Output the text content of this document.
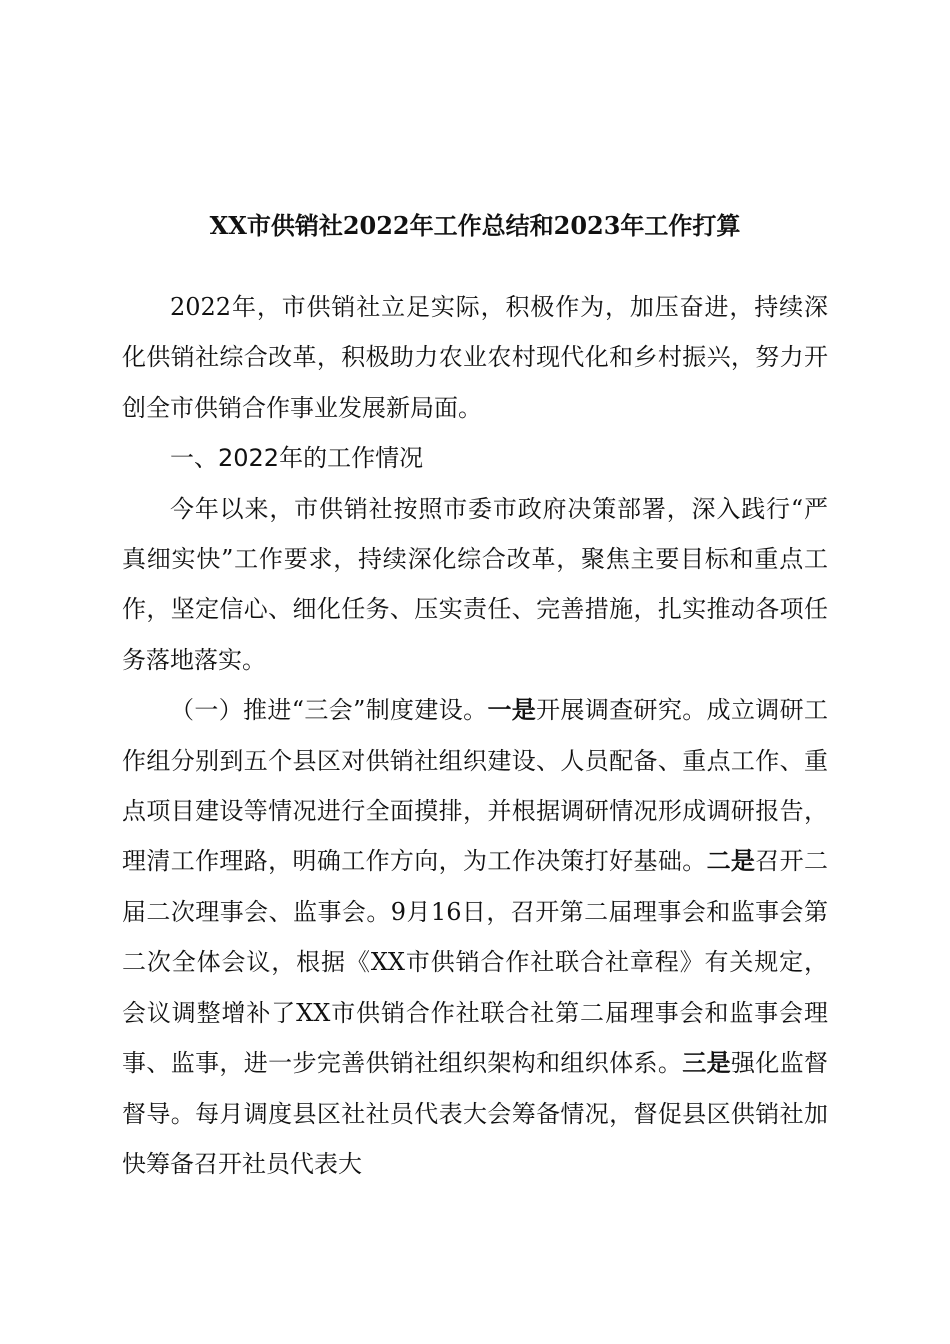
XX市供销社2022年工作总结和2023年工作打算

2022年，市供销社立足实际，积极作为，加压奋进，持续深化供销社综合改革，积极助力农业农村现代化和乡村振兴，努力开创全市供销合作事业发展新局面。

一、2022年的工作情况

今年以来，市供销社按照市委市政府决策部署，深入践行“严真细实快”工作要求，持续深化综合改革，聚焦主要目标和重点工作，坚定信心、细化任务、压实责任、完善措施，扎实推动各项任务落地落实。

（一）推进“三会”制度建设。一是开展调查研究。成立调研工作组分别到五个县区对供销社组织建设、人员配备、重点工作、重点项目建设等情况进行全面摸排，并根据调研情况形成调研报告，理清工作理路，明确工作方向，为工作决策打好基础。二是召开二届二次理事会、监事会。9月16日，召开第二届理事会和监事会第二次全体会议，根据《XX市供销合作社联合社章程》有关规定，会议调整增补了XX市供销合作社联合社第二届理事会和监事会理事、监事，进一步完善供销社组织架构和组织体系。三是强化监督督导。每月调度县区社社员代表大会筹备情况，督促县区供销社加快筹备召开社员代表大
